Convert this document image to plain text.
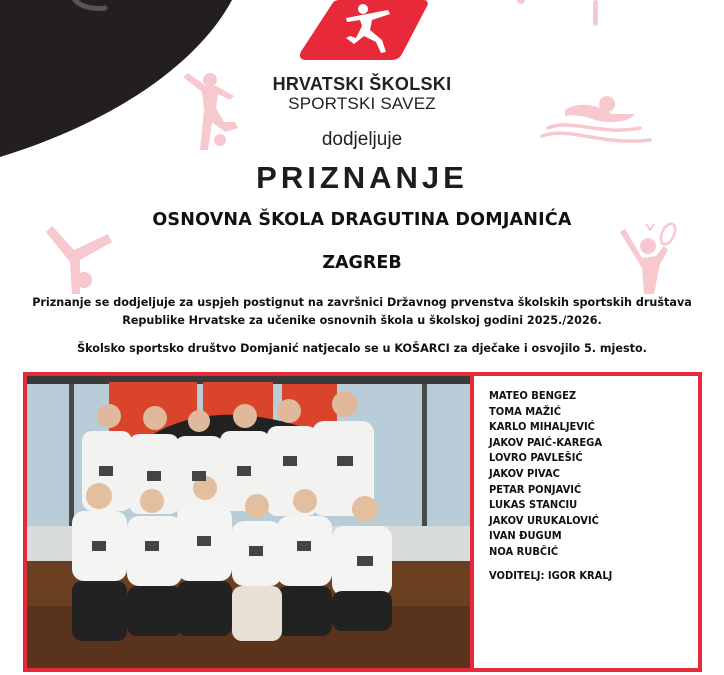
HRVATSKI ŠKOLSKI
SPORTSKI SAVEZ
dodjeljuje
PRIZNANJE
OSNOVNA ŠKOLA DRAGUTINA DOMJANIĆA
ZAGREB
Priznanje se dodjeljuje za uspjeh postignut na završnici Državnog prvenstva školskih sportskih društava
Republike Hrvatske za učenike osnovnih škola u školskoj godini 2025./2026.
Školsko sportsko društvo Domjanić natjecalo se u KOŠARCI za dječake i osvojilo 5. mjesto.
MATEO BENGEZ
TOMA MAŽIĆ
KARLO MIHALJEVIĆ
JAKOV PAIĆ-KAREGA
LOVRO PAVLEŠIĆ
JAKOV PIVAC
PETAR PONJAVIĆ
LUKAS STANCIU
JAKOV URUKALOVIĆ
IVAN ĐUGUM
NOA RUBČIĆ
VODITELJ: IGOR KRALJ
